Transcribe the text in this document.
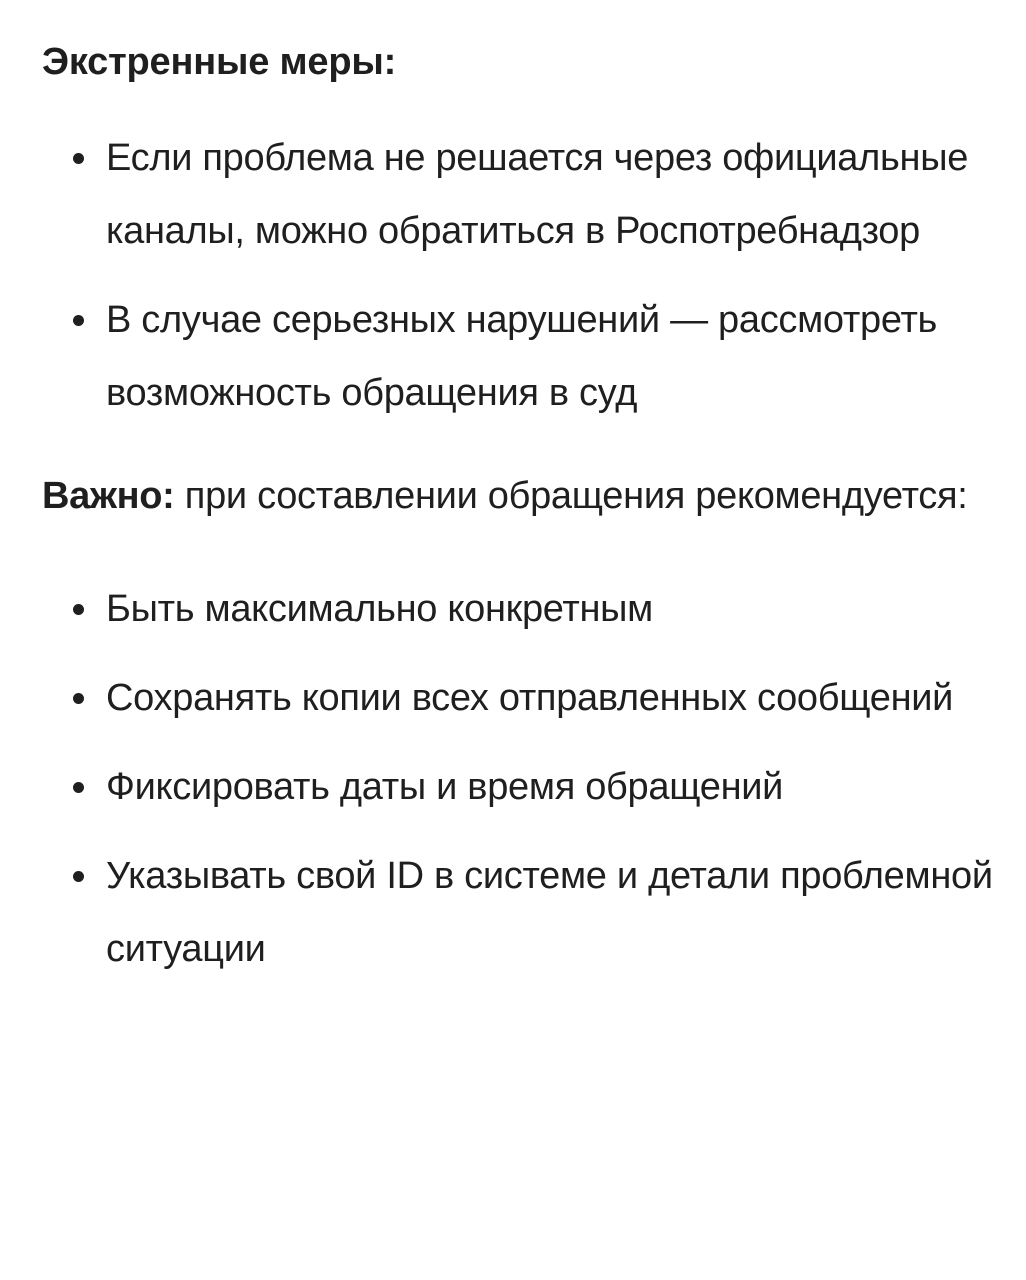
Экстренные меры:
Если проблема не решается через официальные каналы, можно обратиться в Роспотребнадзор
В случае серьезных нарушений — рассмотреть возможность обращения в суд
Важно: при составлении обращения рекомендуется:
Быть максимально конкретным
Сохранять копии всех отправленных сообщений
Фиксировать даты и время обращений
Указывать свой ID в системе и детали проблемной ситуации
